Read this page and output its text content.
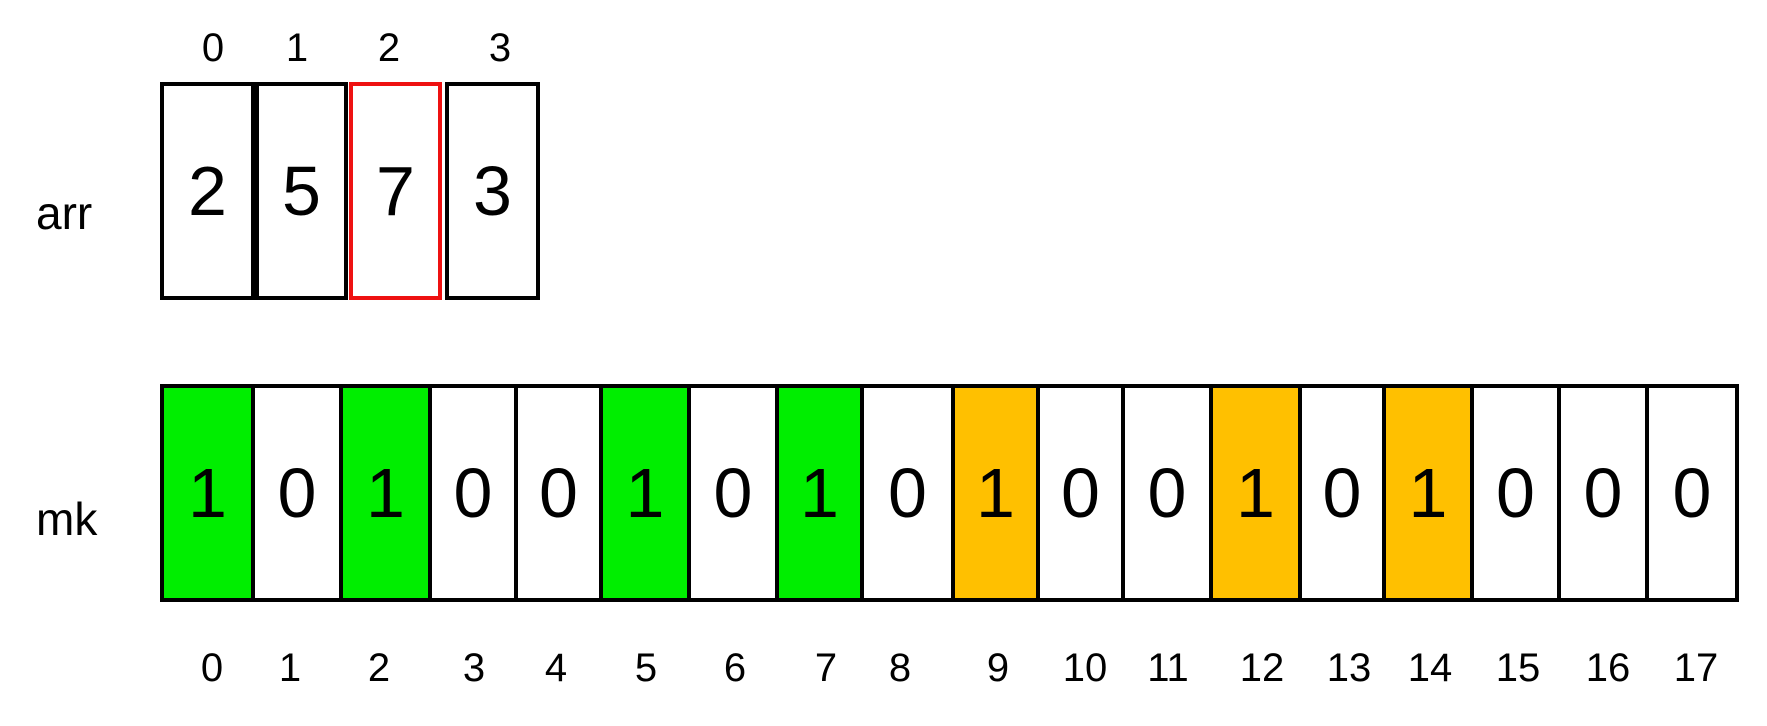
arr
0	1	2	3
2 5 7 3
mk	1 0 1 0 0 1 0 1 0 1 0 0 1 0 1 0 0 0
0	1	2	3	4	5	6	7	8	9	10 11	12	13 14	15	16	17
